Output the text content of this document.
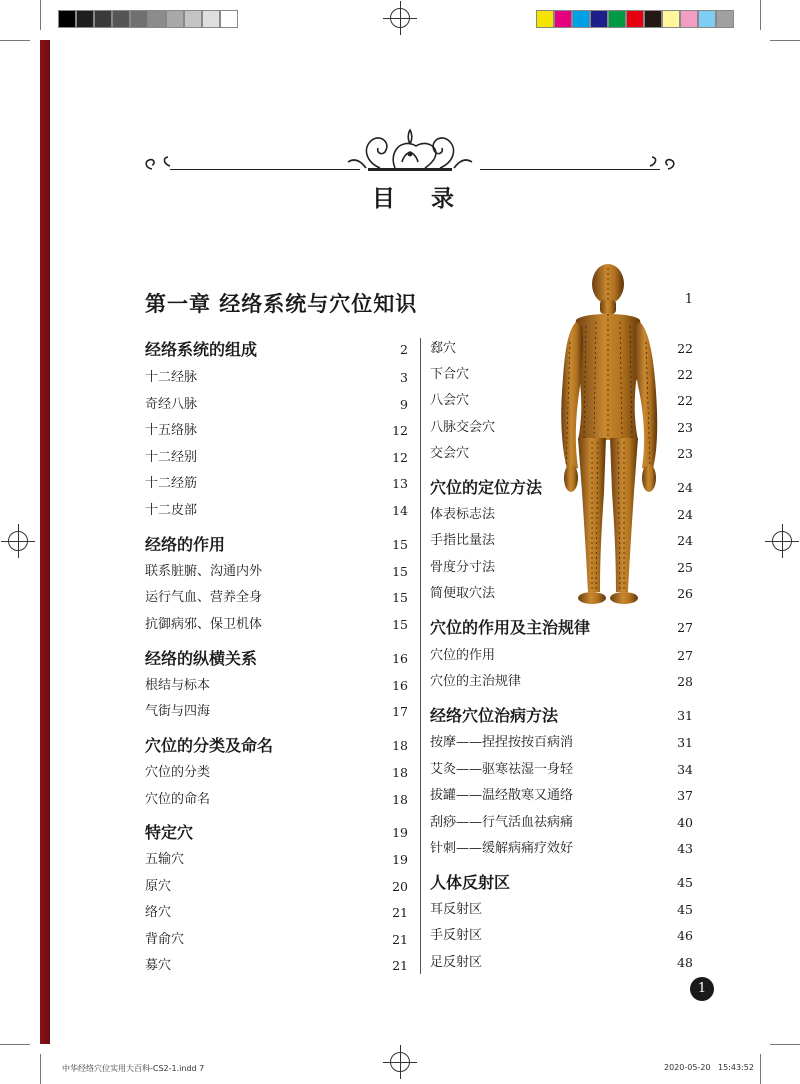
目 录
第一章 经络系统与穴位知识	1
经络系统的组成	2
十二经脉	3
奇经八脉	9
十五络脉	12
十二经别	12
十二经筋	13
十二皮部	14
经络的作用	15
联系脏腑、沟通内外	15
运行气血、营养全身	15
抗御病邪、保卫机体	15
经络的纵横关系	16
根结与标本	16
气街与四海	17
穴位的分类及命名	18
穴位的分类	18
穴位的命名	18
特定穴	19
五输穴	19
原穴	20
络穴	21
背俞穴	21
募穴	21
郄穴	22
下合穴	22
八会穴	22
八脉交会穴	23
交会穴	23
穴位的定位方法	24
体表标志法	24
手指比量法	24
骨度分寸法	25
简便取穴法	26
穴位的作用及主治规律	27
穴位的作用	27
穴位的主治规律	28
经络穴位治病方法	31
按摩——捏捏按按百病消	31
艾灸——驱寒祛湿一身轻	34
拔罐——温经散寒又通络	37
刮痧——行气活血祛病痛	40
针刺——缓解病痛疗效好	43
人体反射区	45
耳反射区	45
手反射区	46
足反射区	48
1
中华经络穴位实用大百科-CS2-1.indd 7	2020-05-20 15:43:52
